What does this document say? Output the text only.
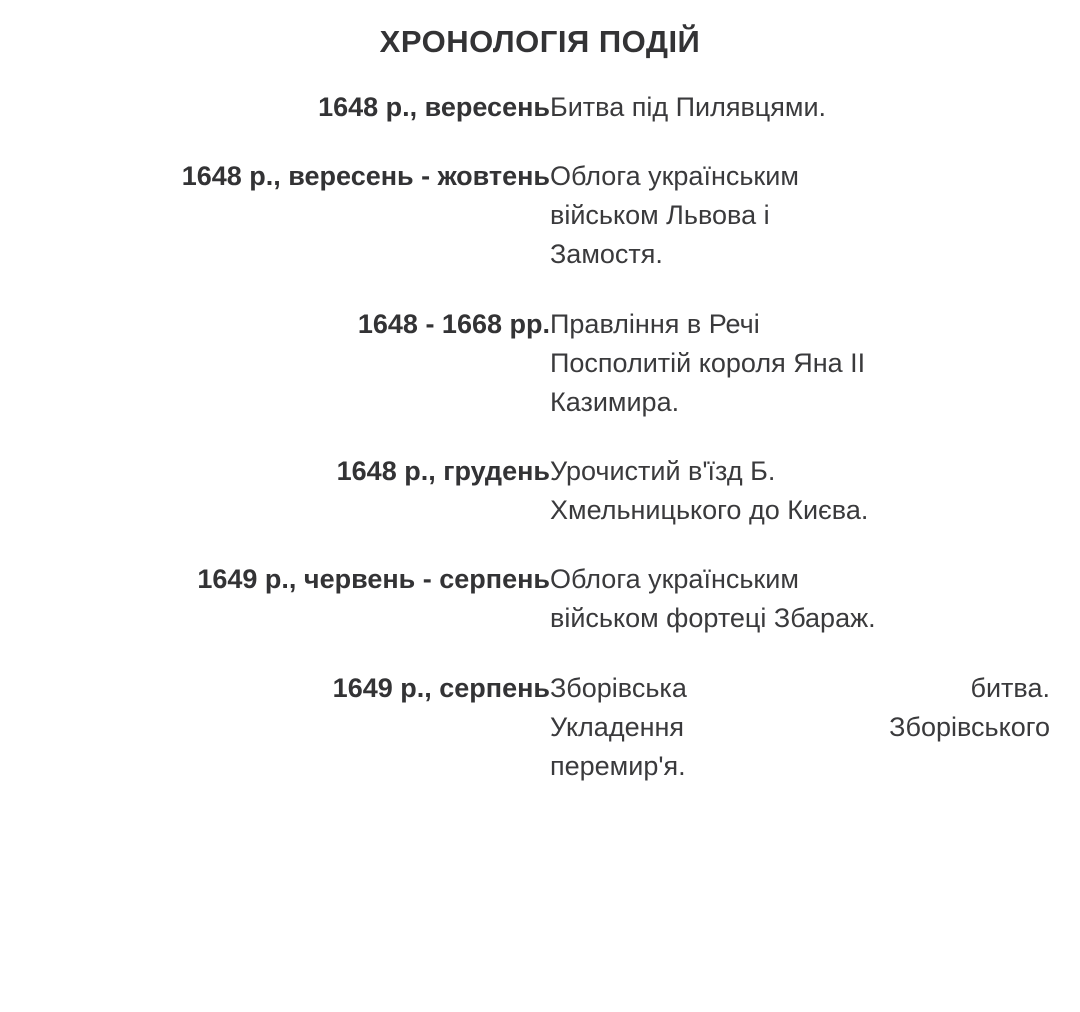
ХРОНОЛОГІЯ ПОДІЙ
1648 р., вересень	Битва під Пилявцями.

1648 р., вересень - жовтень	Облога українським
військом Львова і
Замостя.

1648 - 1668 рр.	Правління в Речі
Посполитій короля Яна ІІ
Казимира.

1648 р., грудень	Урочистий в'їзд Б.
Хмельницького до Києва.

1649 р., червень - серпень	Облога українським
військом фортеці Збараж.

1649 р., серпень	Зборівська битва.
Укладення Зборівського
перемир'я.
